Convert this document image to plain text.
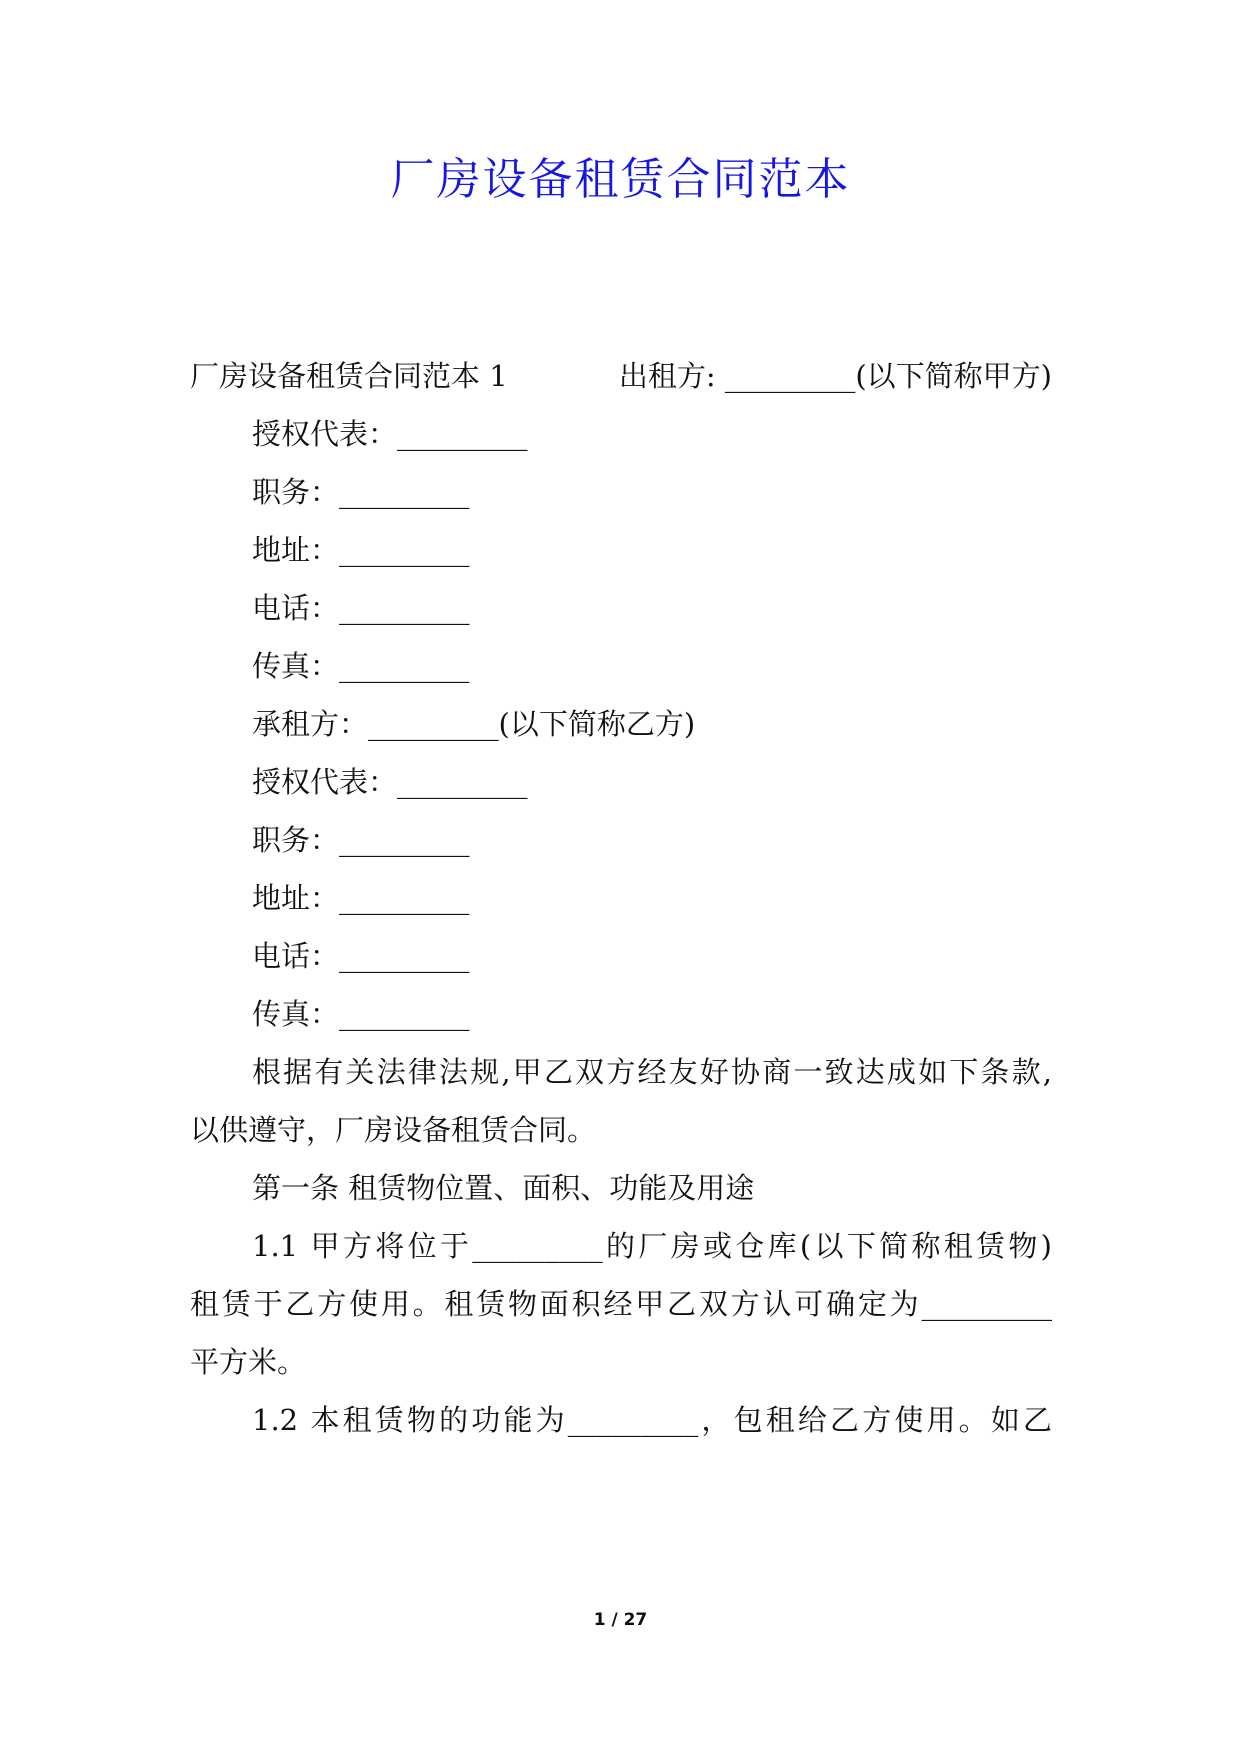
厂房设备租赁合同范本
厂房设备租赁合同范本 1	出租方: _________(以下简称甲方)
授权代表：_________
职务：_________
地址：_________
电话：_________
传真：_________
承租方：_________(以下简称乙方)
授权代表：_________
职务：_________
地址：_________
电话：_________
传真：_________
根据有关法律法规,甲乙双方经友好协商一致达成如下条款,
以供遵守，厂房设备租赁合同。
第一条 租赁物位置、面积、功能及用途
1.1 甲方将位于_________的厂房或仓库(以下简称租赁物)
租赁于乙方使用。租赁物面积经甲乙双方认可确定为_________
平方米。
1.2 本租赁物的功能为_________，包租给乙方使用。如乙
1 / 27
